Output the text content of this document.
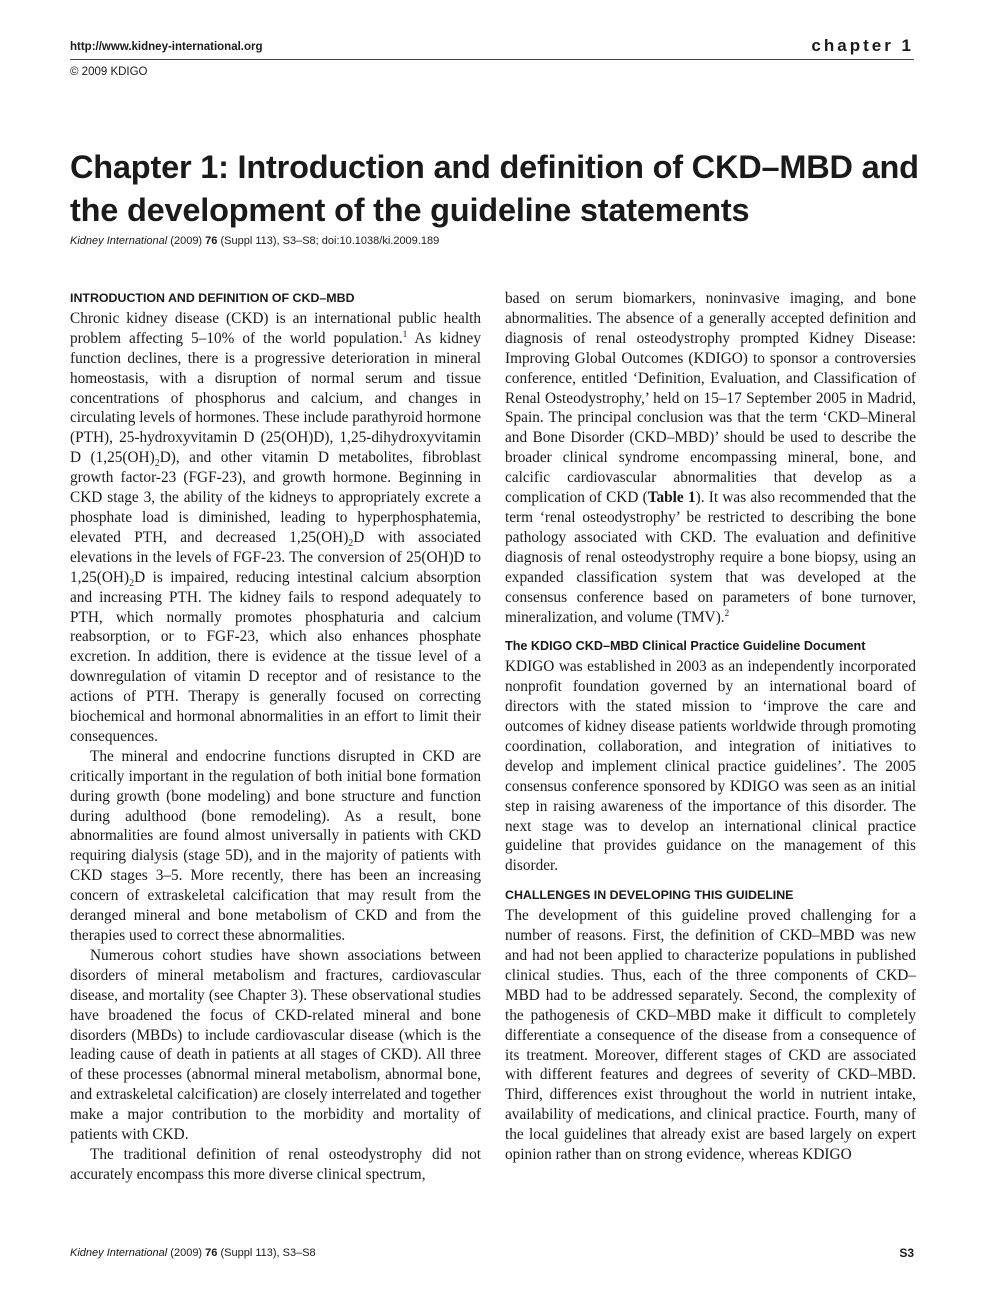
http://www.kidney-international.org	chapter 1
© 2009 KDIGO
Chapter 1: Introduction and definition of CKD–MBD and the development of the guideline statements
Kidney International (2009) 76 (Suppl 113), S3–S8; doi:10.1038/ki.2009.189
INTRODUCTION AND DEFINITION OF CKD–MBD

Chronic kidney disease (CKD) is an international public health problem affecting 5–10% of the world population.$^1$ As kidney function declines, there is a progressive deterioration in mineral homeostasis, with a disruption of normal serum and tissue concentrations of phosphorus and calcium, and changes in circulating levels of hormones. These include parathyroid hormone (PTH), 25-hydroxyvitamin D (25(OH)D), 1,25-dihydroxyvitamin D $(1,25(OH)_2D)$, and other vitamin D metabolites, fibroblast growth factor-23 (FGF-23), and growth hormone. Beginning in CKD stage 3, the ability of the kidneys to appropriately excrete a phosphate load is diminished, leading to hyperphosphatemia, elevated PTH, and decreased $1,25(OH)_2D$ with associated elevations in the levels of FGF-23. The conversion of 25(OH)D to $1,25(OH)_2D$ is impaired, reducing intestinal calcium absorption and increasing PTH. The kidney fails to respond adequately to PTH, which normally promotes phosphaturia and calcium reabsorption, or to FGF-23, which also enhances phosphate excretion. In addition, there is evidence at the tissue level of a downregulation of vitamin D receptor and of resistance to the actions of PTH. Therapy is generally focused on correcting biochemical and hormonal abnormalities in an effort to limit their consequences.

The mineral and endocrine functions disrupted in CKD are critically important in the regulation of both initial bone formation during growth (bone modeling) and bone structure and function during adulthood (bone remodeling). As a result, bone abnormalities are found almost universally in patients with CKD requiring dialysis (stage 5D), and in the majority of patients with CKD stages 3–5. More recently, there has been an increasing concern of extraskeletal calcification that may result from the deranged mineral and bone metabolism of CKD and from the therapies used to correct these abnormalities.

Numerous cohort studies have shown associations between disorders of mineral metabolism and fractures, cardiovascular disease, and mortality (see Chapter 3). These observational studies have broadened the focus of CKD-related mineral and bone disorders (MBDs) to include cardiovascular disease (which is the leading cause of death in patients at all stages of CKD). All three of these processes (abnormal mineral metabolism, abnormal bone, and extraskeletal calcification) are closely interrelated and together make a major contribution to the morbidity and mortality of patients with CKD.

The traditional definition of renal osteodystrophy did not accurately encompass this more diverse clinical spectrum,

based on serum biomarkers, noninvasive imaging, and bone abnormalities. The absence of a generally accepted definition and diagnosis of renal osteodystrophy prompted Kidney Disease: Improving Global Outcomes (KDIGO) to sponsor a controversies conference, entitled ‘Definition, Evaluation, and Classification of Renal Osteodystrophy,’ held on 15–17 September 2005 in Madrid, Spain. The principal conclusion was that the term ‘CKD–Mineral and Bone Disorder (CKD–MBD)’ should be used to describe the broader clinical syndrome encompassing mineral, bone, and calcific cardiovascular abnormalities that develop as a complication of CKD (Table 1). It was also recommended that the term ‘renal osteodystrophy’ be restricted to describing the bone pathology associated with CKD. The evaluation and definitive diagnosis of renal osteodystrophy require a bone biopsy, using an expanded classification system that was developed at the consensus conference based on parameters of bone turnover, mineralization, and volume (TMV).$^2$

The KDIGO CKD–MBD Clinical Practice Guideline Document

KDIGO was established in 2003 as an independently incorporated nonprofit foundation governed by an international board of directors with the stated mission to ‘improve the care and outcomes of kidney disease patients worldwide through promoting coordination, collaboration, and integration of initiatives to develop and implement clinical practice guidelines’. The 2005 consensus conference sponsored by KDIGO was seen as an initial step in raising awareness of the importance of this disorder. The next stage was to develop an international clinical practice guideline that provides guidance on the management of this disorder.

CHALLENGES IN DEVELOPING THIS GUIDELINE

The development of this guideline proved challenging for a number of reasons. First, the definition of CKD–MBD was new and had not been applied to characterize populations in published clinical studies. Thus, each of the three components of CKD–MBD had to be addressed separately. Second, the complexity of the pathogenesis of CKD–MBD make it difficult to completely differentiate a consequence of the disease from a consequence of its treatment. Moreover, different stages of CKD are associated with different features and degrees of severity of CKD–MBD. Third, differences exist throughout the world in nutrient intake, availability of medications, and clinical practice. Fourth, many of the local guidelines that already exist are based largely on expert opinion rather than on strong evidence, whereas KDIGO

Kidney International (2009) 76 (Suppl 113), S3–S8	S3
